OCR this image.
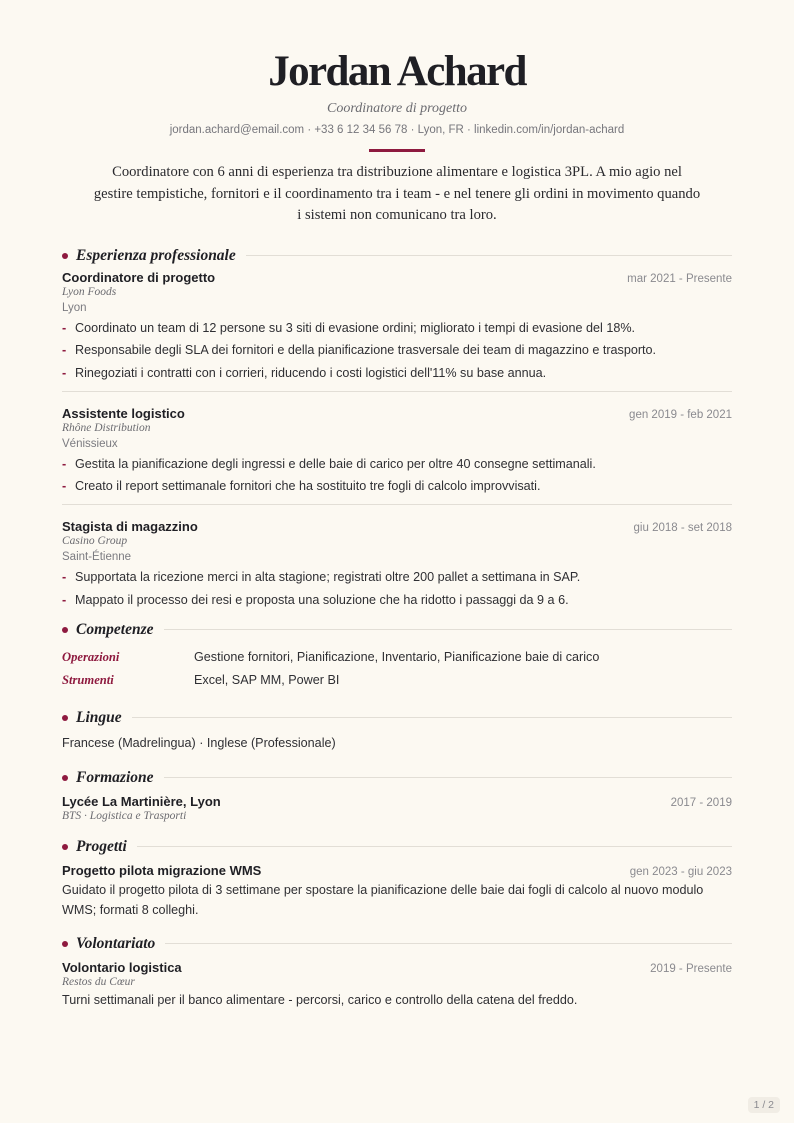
Jordan Achard
Coordinatore di progetto
jordan.achard@email.com · +33 6 12 34 56 78 · Lyon, FR · linkedin.com/in/jordan-achard

Coordinatore con 6 anni di esperienza tra distribuzione alimentare e logistica 3PL. A mio agio nel gestire tempistiche, fornitori e il coordinamento tra i team - e nel tenere gli ordini in movimento quando i sistemi non comunicano tra loro.

Esperienza professionale
Coordinatore di progetto	mar 2021 - Presente
Lyon Foods
Lyon
- Coordinato un team di 12 persone su 3 siti di evasione ordini; migliorato i tempi di evasione del 18%.
- Responsabile degli SLA dei fornitori e della pianificazione trasversale dei team di magazzino e trasporto.
- Rinegoziati i contratti con i corrieri, riducendo i costi logistici dell'11% su base annua.
Assistente logistico	gen 2019 - feb 2021
Rhône Distribution
Vénissieux
- Gestita la pianificazione degli ingressi e delle baie di carico per oltre 40 consegne settimanali.
- Creato il report settimanale fornitori che ha sostituito tre fogli di calcolo improvvisati.
Stagista di magazzino	giu 2018 - set 2018
Casino Group
Saint-Étienne
- Supportata la ricezione merci in alta stagione; registrati oltre 200 pallet a settimana in SAP.
- Mappato il processo dei resi e proposta una soluzione che ha ridotto i passaggi da 9 a 6.
Competenze
Operazioni	Gestione fornitori, Pianificazione, Inventario, Pianificazione baie di carico
Strumenti	Excel, SAP MM, Power BI
Lingue
Francese (Madrelingua) · Inglese (Professionale)
Formazione
Lycée La Martinière, Lyon	2017 - 2019
BTS · Logistica e Trasporti
Progetti
Progetto pilota migrazione WMS	gen 2023 - giu 2023
Guidato il progetto pilota di 3 settimane per spostare la pianificazione delle baie dai fogli di calcolo al nuovo modulo WMS; formati 8 colleghi.
Volontariato
Volontario logistica	2019 - Presente
Restos du Cœur
Turni settimanali per il banco alimentare - percorsi, carico e controllo della catena del freddo.
1 / 2
